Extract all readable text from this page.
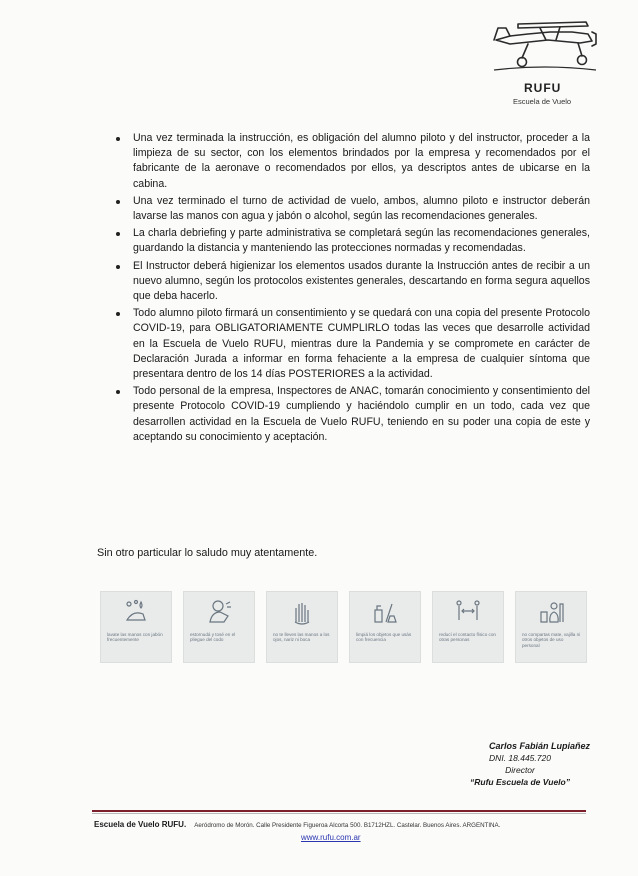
RUFU
Escuela de Vuelo
Una vez terminada la instrucción, es obligación del alumno piloto y del instructor, proceder a la limpieza de su sector, con los elementos brindados por la empresa y recomendados por el fabricante de la aeronave o recomendados por ellos, ya descriptos antes de ubicarse en la cabina.
Una vez terminado el turno de actividad de vuelo, ambos, alumno piloto e instructor deberán lavarse las manos con agua y jabón o alcohol, según las recomendaciones generales.
La charla debriefing y parte administrativa se completará según las recomendaciones generales, guardando la distancia y manteniendo las protecciones normadas y recomendadas.
El Instructor deberá higienizar los elementos usados durante la Instrucción antes de recibir a un nuevo alumno, según los protocolos existentes generales, descartando en forma segura aquellos que deba hacerlo.
Todo alumno piloto firmará un consentimiento y se quedará con una copia del presente Protocolo COVID-19, para OBLIGATORIAMENTE CUMPLIRLO todas las veces que desarrolle actividad en la Escuela de Vuelo RUFU, mientras dure la Pandemia y se compromete en carácter de Declaración Jurada a informar en forma fehaciente a la empresa de cualquier síntoma que presentara dentro de los 14 días POSTERIORES a la actividad.
Todo personal de la empresa, Inspectores de ANAC, tomarán conocimiento y consentimiento del presente Protocolo COVID-19 cumpliendo y haciéndolo cumplir en un todo, cada vez que desarrollen actividad en la Escuela de Vuelo RUFU, teniendo en su poder una copia de este y aceptando su conocimiento y aceptación.
Sin otro particular lo saludo muy atentamente.
lavate las manos con jabón frecuentemente
estornudá y tosé en el pliegue del codo
no te lleves las manos a los ojos, nariz ni boca
limpiá los objetos que usás con frecuencia
reducí el contacto físico con otras personas
no compartas mate, vajilla ni otros objetos de uso personal
Carlos Fabián Lupiañez
DNI. 18.445.720
Director
“Rufu Escuela de Vuelo”
Escuela de Vuelo RUFU. Aeródromo de Morón. Calle Presidente Figueroa Alcorta 500. B1712HZL. Castelar. Buenos Aires. ARGENTINA.
www.rufu.com.ar
